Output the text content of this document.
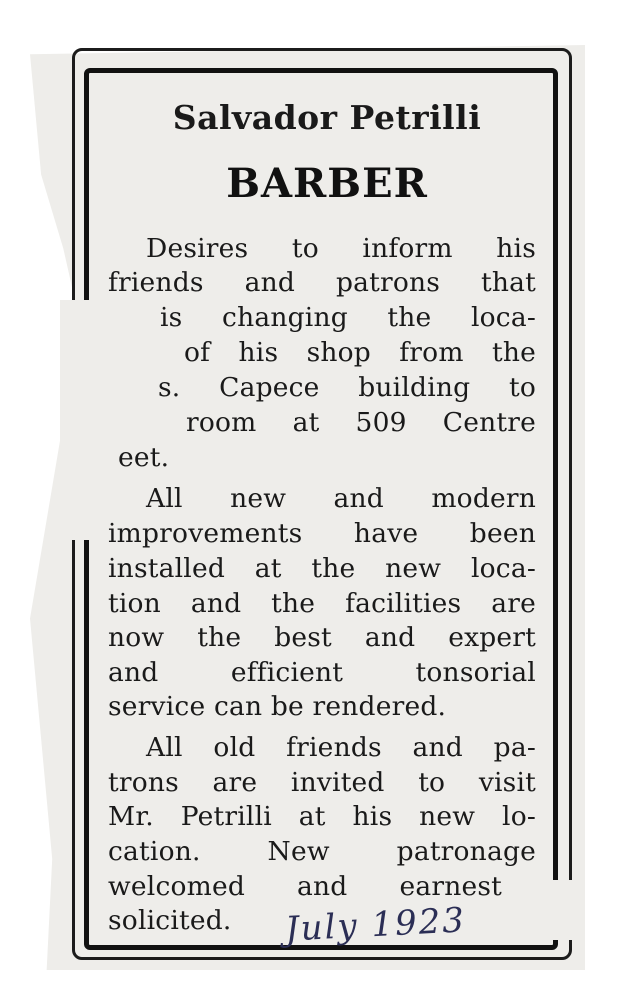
Salvador Petrilli
BARBER
Desires to inform his
friends and patrons that
is changing the loca-
of his shop from the
s. Capece building to
room at 509 Centre
eet.
All new and modern
improvements have been
installed at the new loca-
tion and the facilities are
now the best and expert
and efficient tonsorial
service can be rendered.
All old friends and pa-
trons are invited to visit
Mr. Petrilli at his new lo-
cation. New patronage
welcomed and earnest
solicited. July 1923
